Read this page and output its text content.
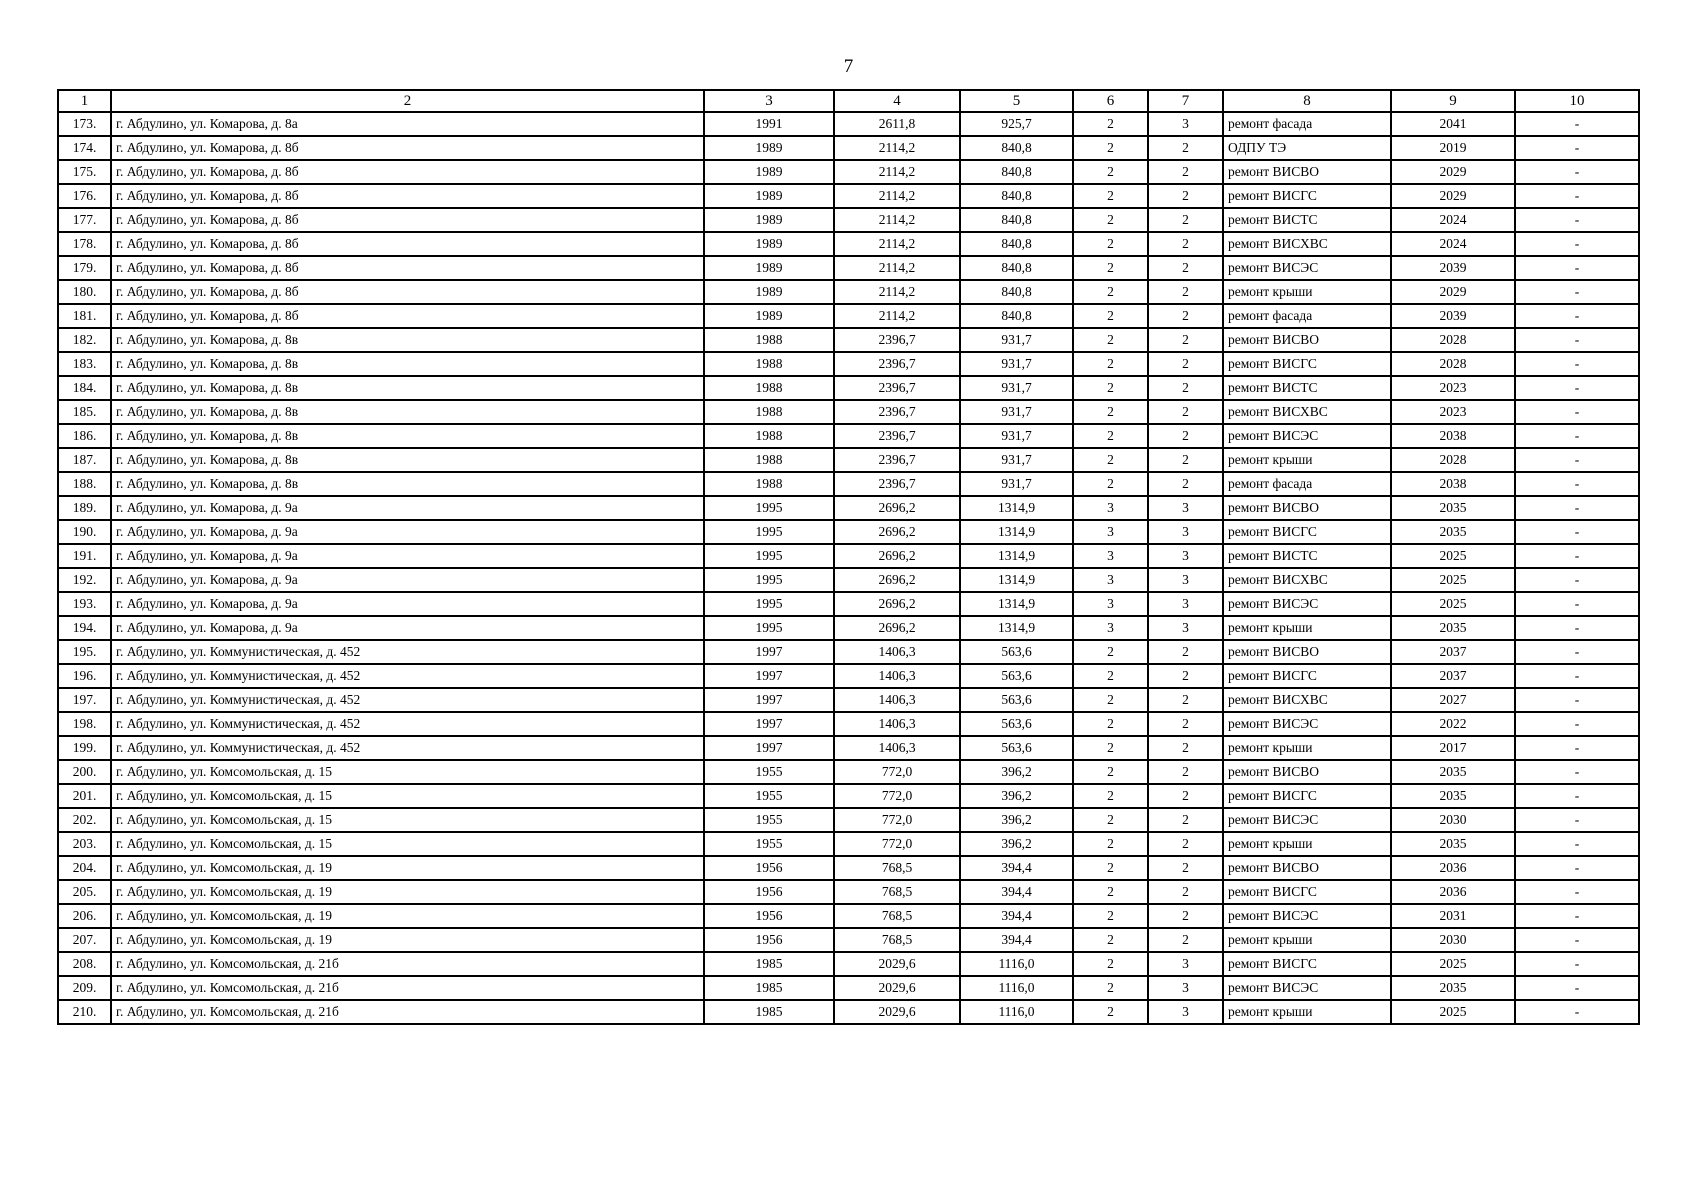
7
1	2	3	4	5	6	7	8	9	10
173.	г. Абдулино, ул. Комарова, д. 8а	1991	2611,8	925,7	2	3	ремонт фасада	2041	-
174.	г. Абдулино, ул. Комарова, д. 8б	1989	2114,2	840,8	2	2	ОДПУ ТЭ	2019	-
175.	г. Абдулино, ул. Комарова, д. 8б	1989	2114,2	840,8	2	2	ремонт ВИСВО	2029	-
176.	г. Абдулино, ул. Комарова, д. 8б	1989	2114,2	840,8	2	2	ремонт ВИСГС	2029	-
177.	г. Абдулино, ул. Комарова, д. 8б	1989	2114,2	840,8	2	2	ремонт ВИСТС	2024	-
178.	г. Абдулино, ул. Комарова, д. 8б	1989	2114,2	840,8	2	2	ремонт ВИСХВС	2024	-
179.	г. Абдулино, ул. Комарова, д. 8б	1989	2114,2	840,8	2	2	ремонт ВИСЭС	2039	-
180.	г. Абдулино, ул. Комарова, д. 8б	1989	2114,2	840,8	2	2	ремонт крыши	2029	-
181.	г. Абдулино, ул. Комарова, д. 8б	1989	2114,2	840,8	2	2	ремонт фасада	2039	-
182.	г. Абдулино, ул. Комарова, д. 8в	1988	2396,7	931,7	2	2	ремонт ВИСВО	2028	-
183.	г. Абдулино, ул. Комарова, д. 8в	1988	2396,7	931,7	2	2	ремонт ВИСГС	2028	-
184.	г. Абдулино, ул. Комарова, д. 8в	1988	2396,7	931,7	2	2	ремонт ВИСТС	2023	-
185.	г. Абдулино, ул. Комарова, д. 8в	1988	2396,7	931,7	2	2	ремонт ВИСХВС	2023	-
186.	г. Абдулино, ул. Комарова, д. 8в	1988	2396,7	931,7	2	2	ремонт ВИСЭС	2038	-
187.	г. Абдулино, ул. Комарова, д. 8в	1988	2396,7	931,7	2	2	ремонт крыши	2028	-
188.	г. Абдулино, ул. Комарова, д. 8в	1988	2396,7	931,7	2	2	ремонт фасада	2038	-
189.	г. Абдулино, ул. Комарова, д. 9а	1995	2696,2	1314,9	3	3	ремонт ВИСВО	2035	-
190.	г. Абдулино, ул. Комарова, д. 9а	1995	2696,2	1314,9	3	3	ремонт ВИСГС	2035	-
191.	г. Абдулино, ул. Комарова, д. 9а	1995	2696,2	1314,9	3	3	ремонт ВИСТС	2025	-
192.	г. Абдулино, ул. Комарова, д. 9а	1995	2696,2	1314,9	3	3	ремонт ВИСХВС	2025	-
193.	г. Абдулино, ул. Комарова, д. 9а	1995	2696,2	1314,9	3	3	ремонт ВИСЭС	2025	-
194.	г. Абдулино, ул. Комарова, д. 9а	1995	2696,2	1314,9	3	3	ремонт крыши	2035	-
195.	г. Абдулино, ул. Коммунистическая, д. 452	1997	1406,3	563,6	2	2	ремонт ВИСВО	2037	-
196.	г. Абдулино, ул. Коммунистическая, д. 452	1997	1406,3	563,6	2	2	ремонт ВИСГС	2037	-
197.	г. Абдулино, ул. Коммунистическая, д. 452	1997	1406,3	563,6	2	2	ремонт ВИСХВС	2027	-
198.	г. Абдулино, ул. Коммунистическая, д. 452	1997	1406,3	563,6	2	2	ремонт ВИСЭС	2022	-
199.	г. Абдулино, ул. Коммунистическая, д. 452	1997	1406,3	563,6	2	2	ремонт крыши	2017	-
200.	г. Абдулино, ул. Комсомольская, д. 15	1955	772,0	396,2	2	2	ремонт ВИСВО	2035	-
201.	г. Абдулино, ул. Комсомольская, д. 15	1955	772,0	396,2	2	2	ремонт ВИСГС	2035	-
202.	г. Абдулино, ул. Комсомольская, д. 15	1955	772,0	396,2	2	2	ремонт ВИСЭС	2030	-
203.	г. Абдулино, ул. Комсомольская, д. 15	1955	772,0	396,2	2	2	ремонт крыши	2035	-
204.	г. Абдулино, ул. Комсомольская, д. 19	1956	768,5	394,4	2	2	ремонт ВИСВО	2036	-
205.	г. Абдулино, ул. Комсомольская, д. 19	1956	768,5	394,4	2	2	ремонт ВИСГС	2036	-
206.	г. Абдулино, ул. Комсомольская, д. 19	1956	768,5	394,4	2	2	ремонт ВИСЭС	2031	-
207.	г. Абдулино, ул. Комсомольская, д. 19	1956	768,5	394,4	2	2	ремонт крыши	2030	-
208.	г. Абдулино, ул. Комсомольская, д. 21б	1985	2029,6	1116,0	2	3	ремонт ВИСГС	2025	-
209.	г. Абдулино, ул. Комсомольская, д. 21б	1985	2029,6	1116,0	2	3	ремонт ВИСЭС	2035	-
210.	г. Абдулино, ул. Комсомольская, д. 21б	1985	2029,6	1116,0	2	3	ремонт крыши	2025	-
